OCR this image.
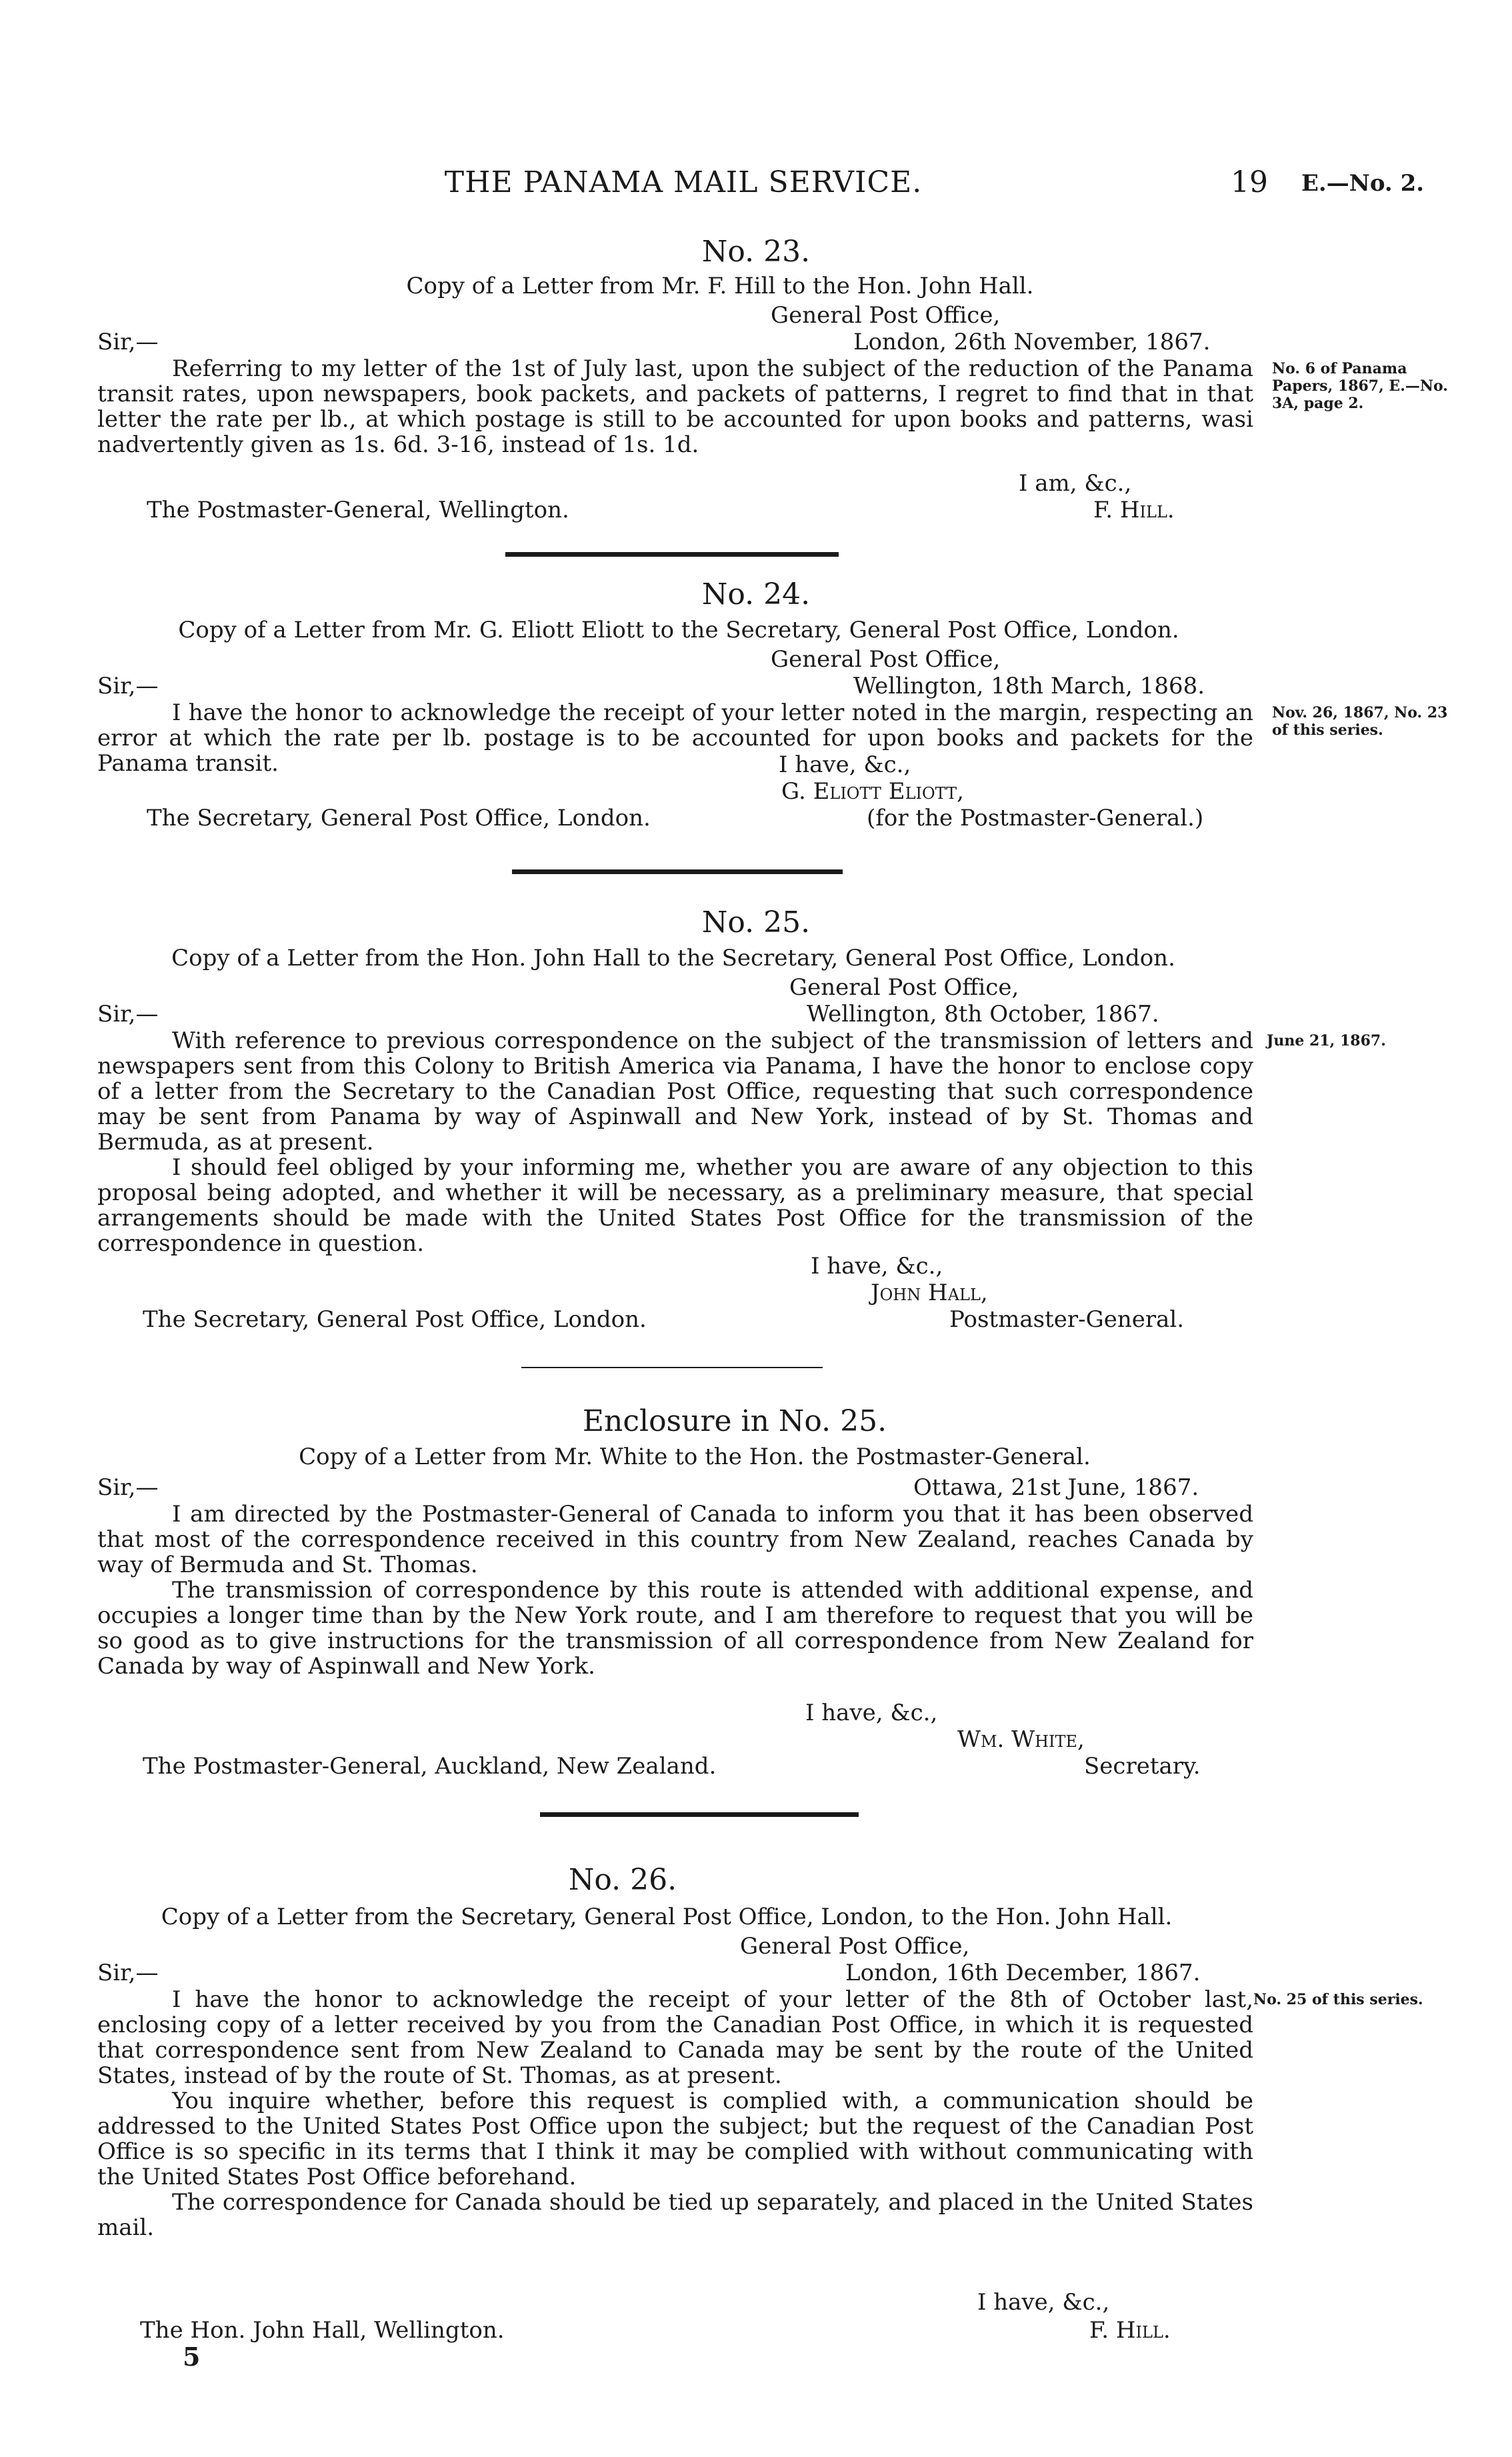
THE PANAMA MAIL SERVICE.	19 E.—No. 2.
No. 23.
Copy of a Letter from Mr. F. Hill to the Hon. John Hall.
General Post Office,
Sir,—	London, 26th November, 1867.

Referring to my letter of the 1st of July last, upon the subject of the reduction of the Panama transit rates, upon newspapers, book packets, and packets of patterns, I regret to find that in that letter the rate per lb., at which postage is still to be accounted for upon books and patterns, wasi nadvertently given as 1s. 6d. 3-16, instead of 1s. 1d.

No. 6 of Panama Papers, 1867, E.—No. 3A, page 2.
I am, &c.,
The Postmaster-General, Wellington.	F. Hill.
No. 24.
Copy of a Letter from Mr. G. Eliott Eliott to the Secretary, General Post Office, London.
General Post Office,
Sir,—	Wellington, 18th March, 1868.

I have the honor to acknowledge the receipt of your letter noted in the margin, respecting an error at which the rate per lb. postage is to be accounted for upon books and packets for the Panama transit.

Nov. 26, 1867, No. 23 of this series.
I have, &c.,
G. Eliott Eliott,
The Secretary, General Post Office, London.	(for the Postmaster-General.)
No. 25.
Copy of a Letter from the Hon. John Hall to the Secretary, General Post Office, London.
General Post Office,
Sir,—	Wellington, 8th October, 1867.

With reference to previous correspondence on the subject of the transmission of letters and newspapers sent from this Colony to British America via Panama, I have the honor to enclose copy of a letter from the Secretary to the Canadian Post Office, requesting that such correspondence may be sent from Panama by way of Aspinwall and New York, instead of by St. Thomas and Bermuda, as at present.

I should feel obliged by your informing me, whether you are aware of any objection to this proposal being adopted, and whether it will be necessary, as a preliminary measure, that special arrangements should be made with the United States Post Office for the transmission of the correspondence in question.

June 21, 1867.
I have, &c.,
John Hall,
The Secretary, General Post Office, London.	Postmaster-General.
Enclosure in No. 25.
Copy of a Letter from Mr. White to the Hon. the Postmaster-General.
Sir,—	Ottawa, 21st June, 1867.

I am directed by the Postmaster-General of Canada to inform you that it has been observed that most of the correspondence received in this country from New Zealand, reaches Canada by way of Bermuda and St. Thomas.

The transmission of correspondence by this route is attended with additional expense, and occupies a longer time than by the New York route, and I am therefore to request that you will be so good as to give instructions for the transmission of all correspondence from New Zealand for Canada by way of Aspinwall and New York.

I have, &c.,
Wm. White,
The Postmaster-General, Auckland, New Zealand.	Secretary.
No. 26.
Copy of a Letter from the Secretary, General Post Office, London, to the Hon. John Hall.
General Post Office,
Sir,—	London, 16th December, 1867.

I have the honor to acknowledge the receipt of your letter of the 8th of October last, enclosing copy of a letter received by you from the Canadian Post Office, in which it is requested that correspondence sent from New Zealand to Canada may be sent by the route of the United States, instead of by the route of St. Thomas, as at present.

You inquire whether, before this request is complied with, a communication should be addressed to the United States Post Office upon the subject; but the request of the Canadian Post Office is so specific in its terms that I think it may be complied with without communicating with the United States Post Office beforehand.

The correspondence for Canada should be tied up separately, and placed in the United States mail.

No. 25 of this series.
I have, &c.,
The Hon. John Hall, Wellington.	F. Hill.
5
